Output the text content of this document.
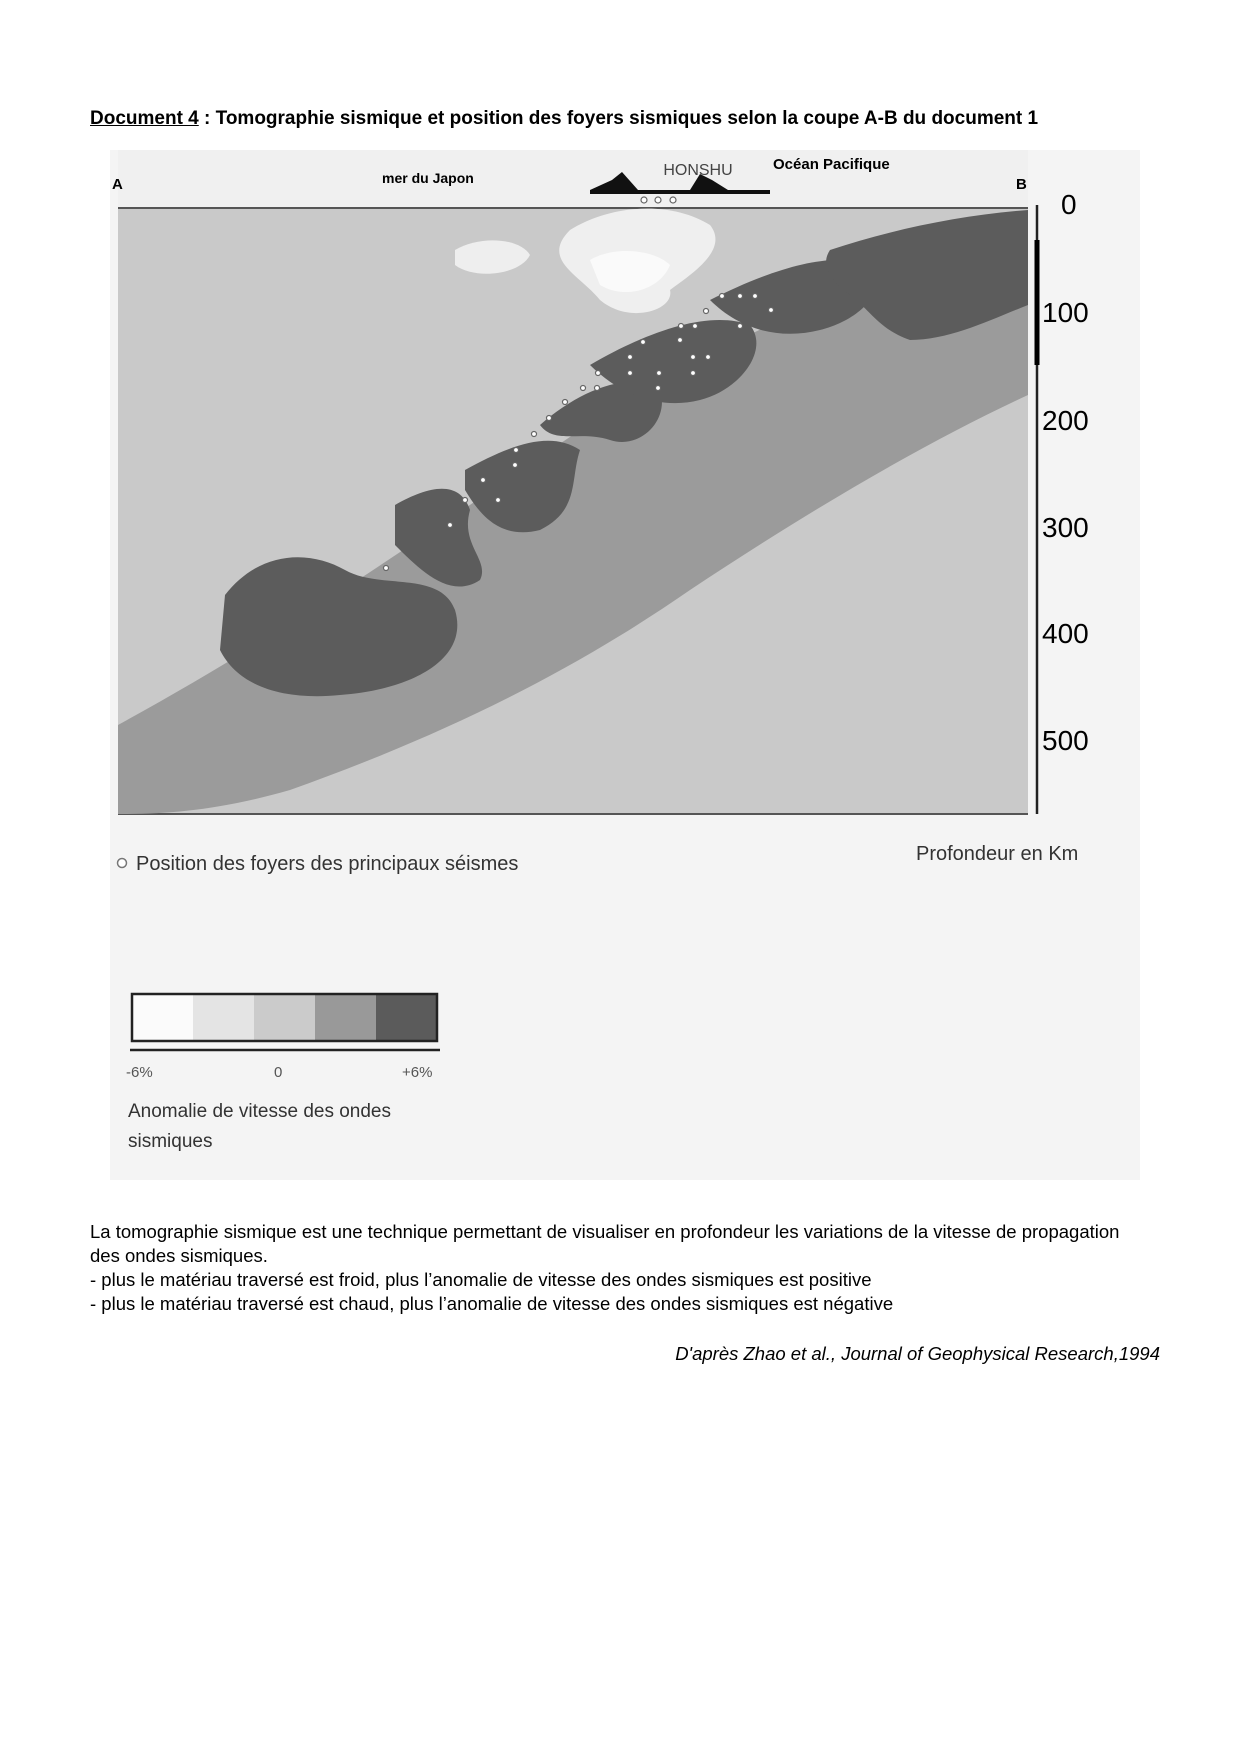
Document 4 : Tomographie sismique et position des foyers sismiques selon la coupe A-B du document 1
A	B
mer du Japon	HONSHU	Océan Pacifique
0
100
200
300
400
500
Profondeur en Km
Position des foyers des principaux séismes
-6%	0	+6%
Anomalie de vitesse des ondes
sismiques

La tomographie sismique est une technique permettant de visualiser en profondeur les variations de la vitesse de propagation des ondes sismiques.

- plus le matériau traversé est froid, plus l’anomalie de vitesse des ondes sismiques est positive

- plus le matériau traversé est chaud, plus l’anomalie de vitesse des ondes sismiques est négative

D'après Zhao et al., Journal of Geophysical Research,1994
